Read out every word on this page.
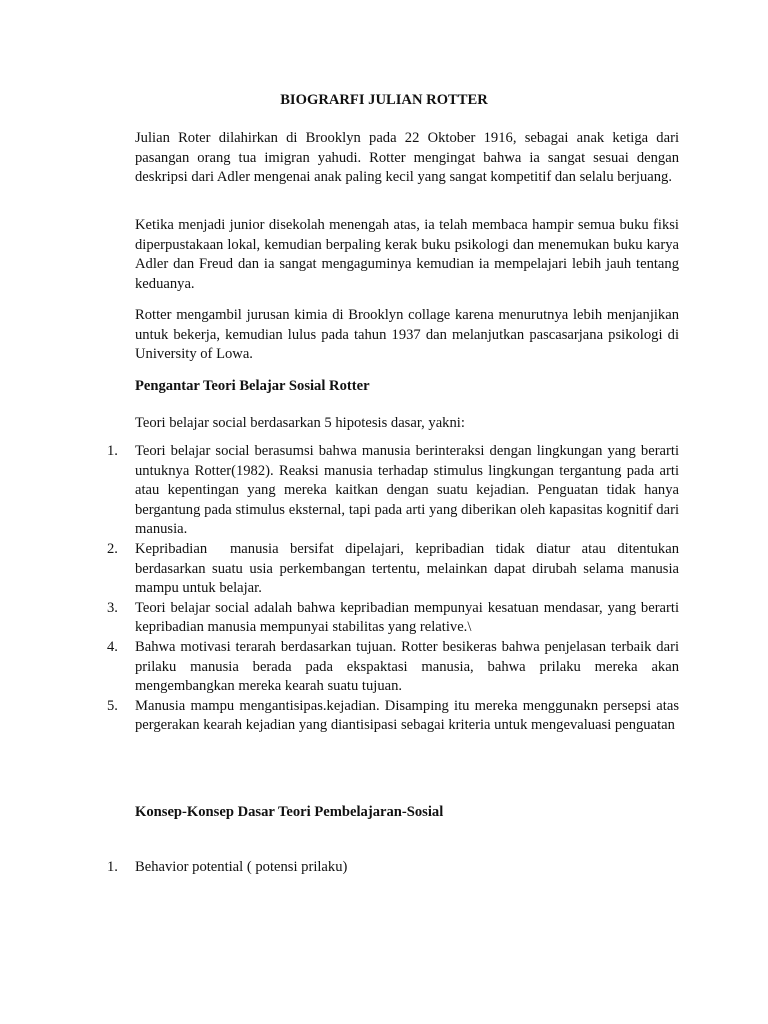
BIOGRARFI JULIAN ROTTER

Julian Roter dilahirkan di Brooklyn pada 22 Oktober 1916, sebagai anak ketiga dari pasangan orang tua imigran yahudi. Rotter mengingat bahwa ia sangat sesuai dengan deskripsi dari Adler mengenai anak paling kecil yang sangat kompetitif dan selalu berjuang.

Ketika menjadi junior disekolah menengah atas, ia telah membaca hampir semua buku fiksi diperpustakaan lokal, kemudian berpaling kerak buku psikologi dan menemukan buku karya Adler dan Freud dan ia sangat mengaguminya kemudian ia mempelajari lebih jauh tentang keduanya.

Rotter mengambil jurusan kimia di Brooklyn collage karena menurutnya lebih menjanjikan untuk bekerja, kemudian lulus pada tahun 1937 dan melanjutkan pascasarjana psikologi di University of Lowa.

Pengantar Teori Belajar Sosial Rotter

Teori belajar social berdasarkan 5 hipotesis dasar, yakni:

1. Teori belajar social berasumsi bahwa manusia berinteraksi dengan lingkungan yang berarti untuknya Rotter(1982). Reaksi manusia terhadap stimulus lingkungan tergantung pada arti atau kepentingan yang mereka kaitkan dengan suatu kejadian. Penguatan tidak hanya bergantung pada stimulus eksternal, tapi pada arti yang diberikan oleh kapasitas kognitif dari manusia.
2. Kepribadian  manusia bersifat dipelajari, kepribadian tidak diatur atau ditentukan berdasarkan suatu usia perkembangan tertentu, melainkan dapat dirubah selama manusia mampu untuk belajar.
3. Teori belajar social adalah bahwa kepribadian mempunyai kesatuan mendasar, yang berarti kepribadian manusia mempunyai stabilitas yang relative.\
4. Bahwa motivasi terarah berdasarkan tujuan. Rotter besikeras bahwa penjelasan terbaik dari prilaku manusia berada pada ekspaktasi manusia, bahwa prilaku mereka akan mengembangkan mereka kearah suatu tujuan.
5. Manusia mampu mengantisipas.kejadian. Disamping itu mereka menggunakn persepsi atas pergerakan kearah kejadian yang diantisipasi sebagai kriteria untuk mengevaluasi penguatan

Konsep-Konsep Dasar Teori Pembelajaran-Sosial

1. Behavior potential ( potensi prilaku)
